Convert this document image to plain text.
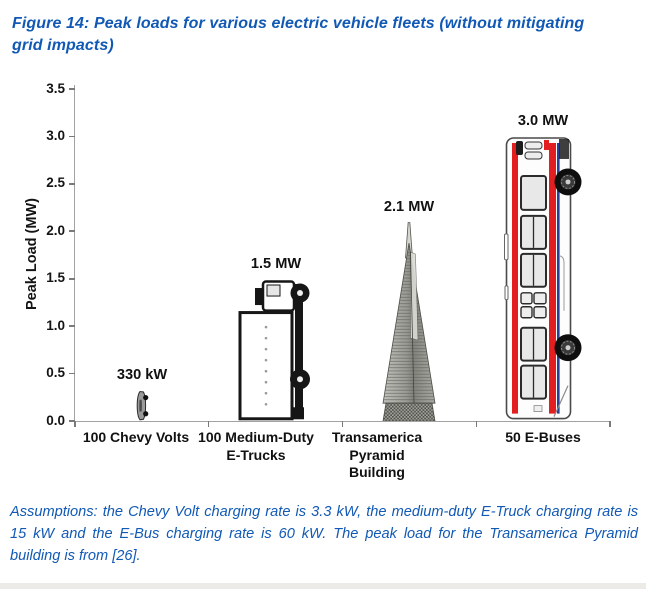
Figure 14: Peak loads for various electric vehicle fleets (without mitigating grid impacts)
Peak Load (MW)
3.5
3.0
2.5
2.0
1.5
1.0
0.5
0.0
330 kW
1.5 MW
2.1 MW
3.0 MW
100 Chevy Volts 100 Medium-Duty
E-Trucks
Transamerica
Pyramid
Building
50 E-Buses
Assumptions: the Chevy Volt charging rate is 3.3 kW, the medium-duty E-Truck charging rate is 15 kW and the E-Bus charging rate is 60 kW. The peak load for the Transamerica Pyramid building is from [26].
